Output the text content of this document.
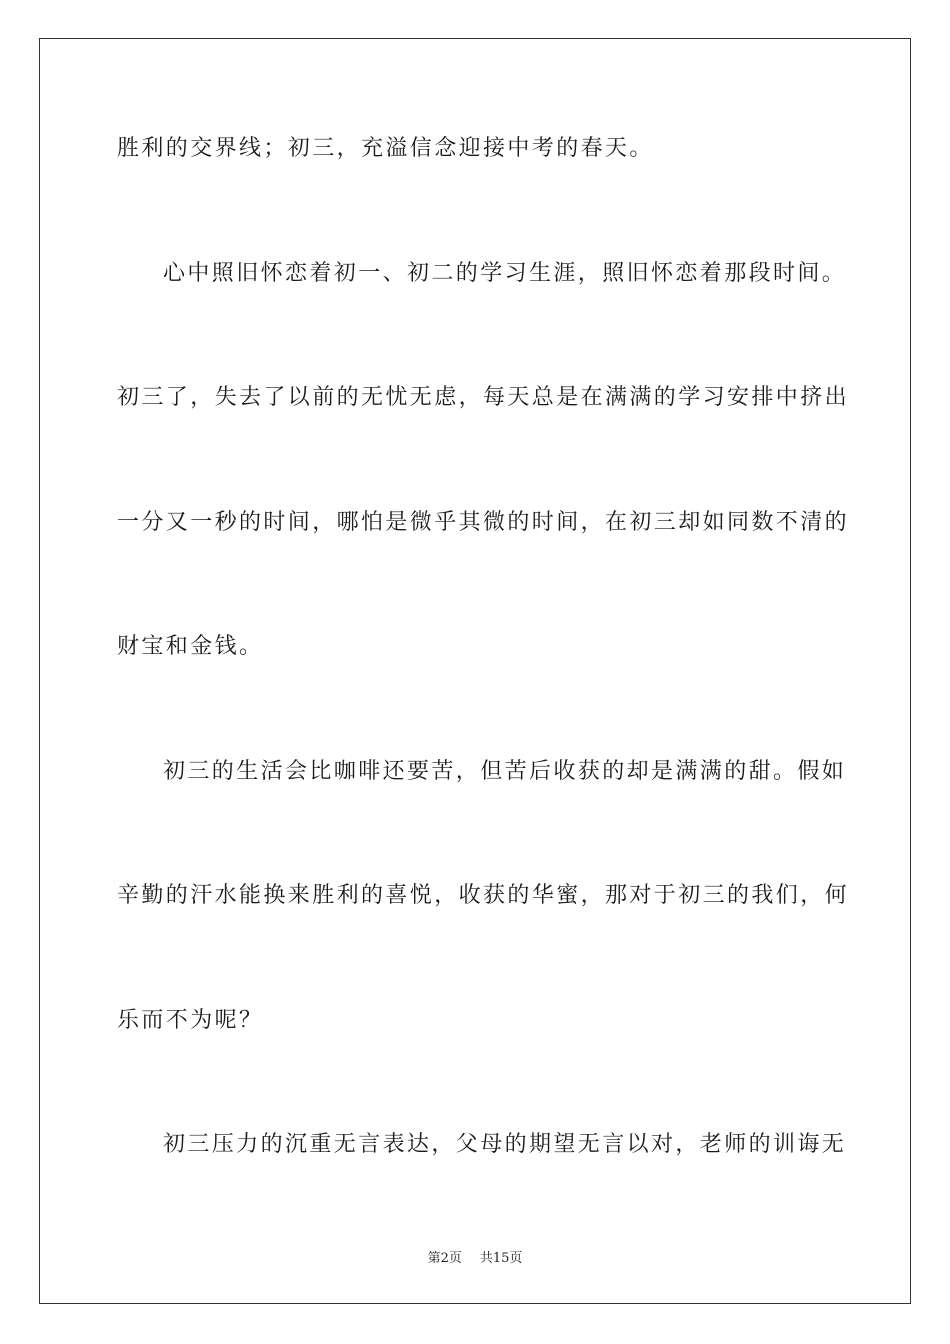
胜利的交界线；初三，充溢信念迎接中考的春天。
心中照旧怀恋着初一、初二的学习生涯，照旧怀恋着那段时间。
初三了，失去了以前的无忧无虑，每天总是在满满的学习安排中挤出
一分又一秒的时间，哪怕是微乎其微的时间，在初三却如同数不清的
财宝和金钱。
初三的生活会比咖啡还要苦，但苦后收获的却是满满的甜。假如
辛勤的汗水能换来胜利的喜悦，收获的华蜜，那对于初三的我们，何
乐而不为呢？
初三压力的沉重无言表达，父母的期望无言以对，老师的训诲无
第2页 共15页
